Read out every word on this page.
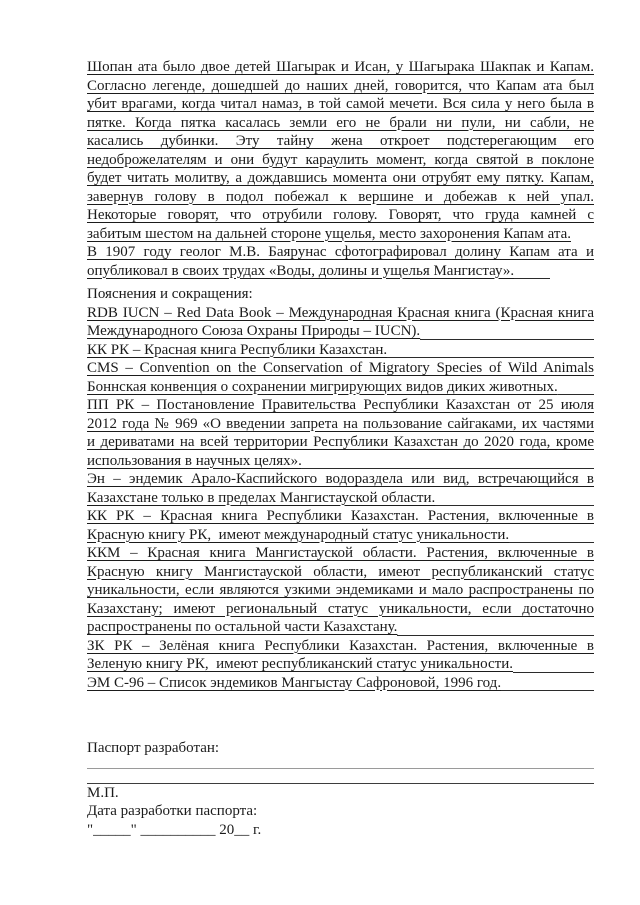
Шопан ата было двое детей Шагырак и Исан, у Шагырака Шакпак и Капам.
Согласно легенде, дошедшей до наших дней, говорится, что Капам ата был
убит врагами, когда читал намаз, в той самой мечети. Вся сила у него была в
пятке. Когда пятка касалась земли его не брали ни пули, ни сабли, не
касались дубинки. Эту тайну жена откроет подстерегающим его
недоброжелателям и они будут караулить момент, когда святой в поклоне
будет читать молитву, а дождавшись момента они отрубят ему пятку. Капам,
завернув голову в подол побежал к вершине и добежав к ней упал.
Некоторые говорят, что отрубили голову. Говорят, что груда камней с
забитым шестом на дальней стороне ущелья, место захоронения Капам ата.
В 1907 году геолог М.В. Баярунас сфотографировал долину Капам ата и
опубликовал в своих трудах «Воды, долины и ущелья Мангистау».
Пояснения и сокращения:
RDB IUCN – Red Data Book – Международная Красная книга (Красная книга
Международного Союза Охраны Природы – IUCN).
КК РК – Красная книга Республики Казахстан.
CMS – Convention on the Conservation of Migratory Species of Wild Animals
Боннская конвенция о сохранении мигрирующих видов диких животных.
ПП РК – Постановление Правительства Республики Казахстан от 25 июля
2012 года № 969 «О введении запрета на пользование сайгаками, их частями
и дериватами на всей территории Республики Казахстан до 2020 года, кроме
использования в научных целях».
Эн – эндемик Арало-Каспийского водораздела или вид, встречающийся в
Казахстане только в пределах Мангистауской области.
КК РК – Красная книга Республики Казахстан. Растения, включенные в
Красную книгу РК,  имеют международный статус уникальности.
ККМ – Красная книга Мангистауской области. Растения, включенные в
Красную книгу Мангистауской области, имеют республиканский статус
уникальности, если являются узкими эндемиками и мало распространены по
Казахстану; имеют региональный статус уникальности, если достаточно
распространены по остальной части Казахстану.
ЗК РК – Зелёная книга Республики Казахстан. Растения, включенные в
Зеленую книгу РК,  имеют республиканский статус уникальности.
ЭМ С-96 – Список эндемиков Мангыстау Сафроновой, 1996 год.
Паспорт разработан:
М.П.
Дата разработки паспорта:
"_____" __________ 20__ г.
